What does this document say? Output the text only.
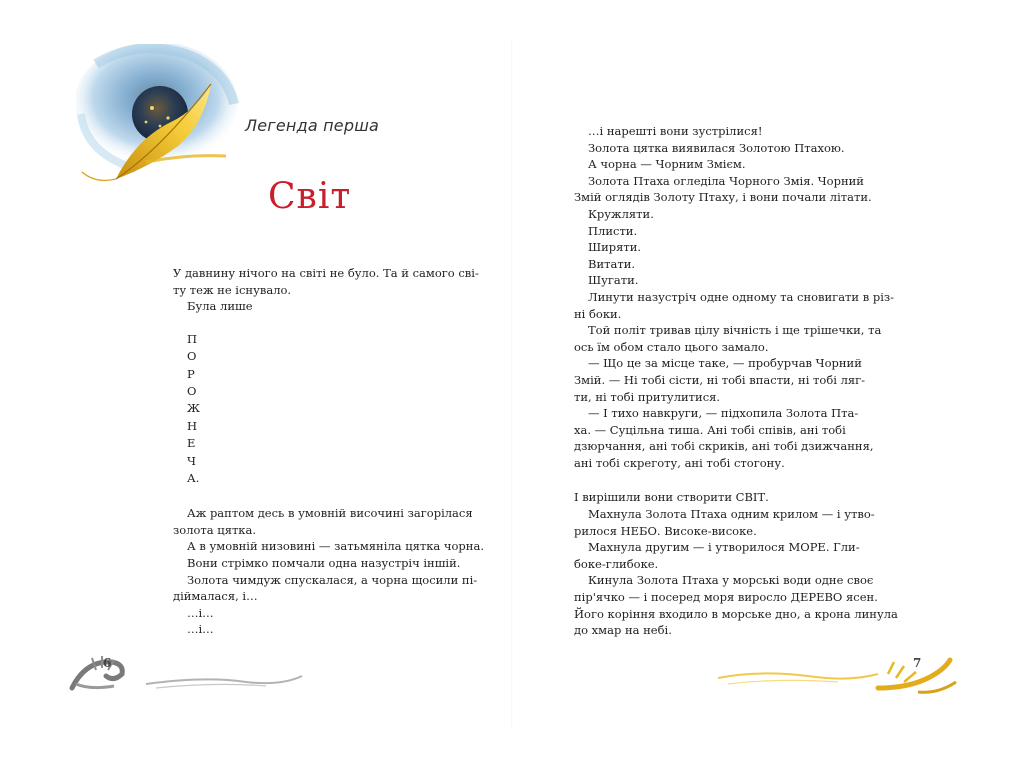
Легенда перша
Світ
У давнину нічого на світі не було. Та й самого сві-
ту теж не існувало.
Була лише
П
О
Р
О
Ж
Н
Е
Ч
А.
Аж раптом десь в умовній височині загорілася
золота цятка.
А в умовній низовині — затьмяніла цятка чорна.
Вони стрімко помчали одна назустріч іншій.
Золота чимдуж спускалася, а чорна щосили пі-
дiймалася, і…
…і…
…і…
6
…і нарешті вони зустрілися!
Золота цятка виявилася Золотою Птахою.
А чорна — Чорним Змієм.
Золота Птаха огледіла Чорного Змія. Чорний
Змій оглядів Золоту Птаху, і вони почали літати.
Кружляти.
Плисти.
Ширяти.
Витати.
Шугати.
Линути назустріч одне одному та сновигати в різ-
ні боки.
Той політ тривав цілу вічність і ще трішечки, та
ось їм обом стало цього замало.
— Що це за місце таке, — пробурчав Чорний
Змій. — Ні тобі сісти, ні тобі впасти, ні тобі ляг-
ти, ні тобі притулитися.
— І тихо навкруги, — підхопила Золота Пта-
ха. — Суцільна тиша. Ані тобі співів, ані тобі
дзюрчання, ані тобі скриків, ані тобі дзижчання,
ані тобі скреготу, ані тобі стогону.
І вирішили вони створити СВІТ.
Махнула Золота Птаха одним крилом — і утво-
рилося НЕБО. Високе-високе.
Махнула другим — і утворилося МОРЕ. Гли-
боке-глибоке.
Кинула Золота Птаха у морські води одне своє
пір'ячко — і посеред моря виросло ДЕРЕВО ясен.
Його коріння входило в морське дно, а крона линула
до хмар на небі.
7
